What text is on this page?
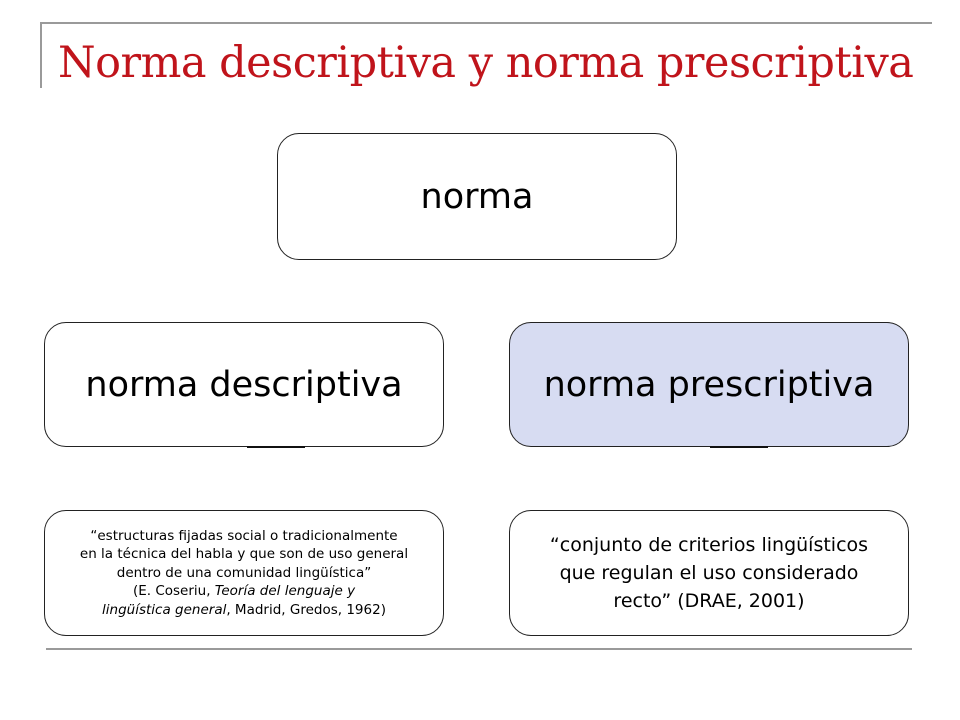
Norma descriptiva y norma prescriptiva
norma
norma descriptiva	norma prescriptiva
“estructuras fijadas social o tradicionalmente
en la técnica del habla y que son de uso general
dentro de una comunidad lingüística”
(E. Coseriu, Teoría del lenguaje y
lingüística general, Madrid, Gredos, 1962)
“conjunto de criterios lingüísticos
que regulan el uso considerado
recto” (DRAE, 2001)
